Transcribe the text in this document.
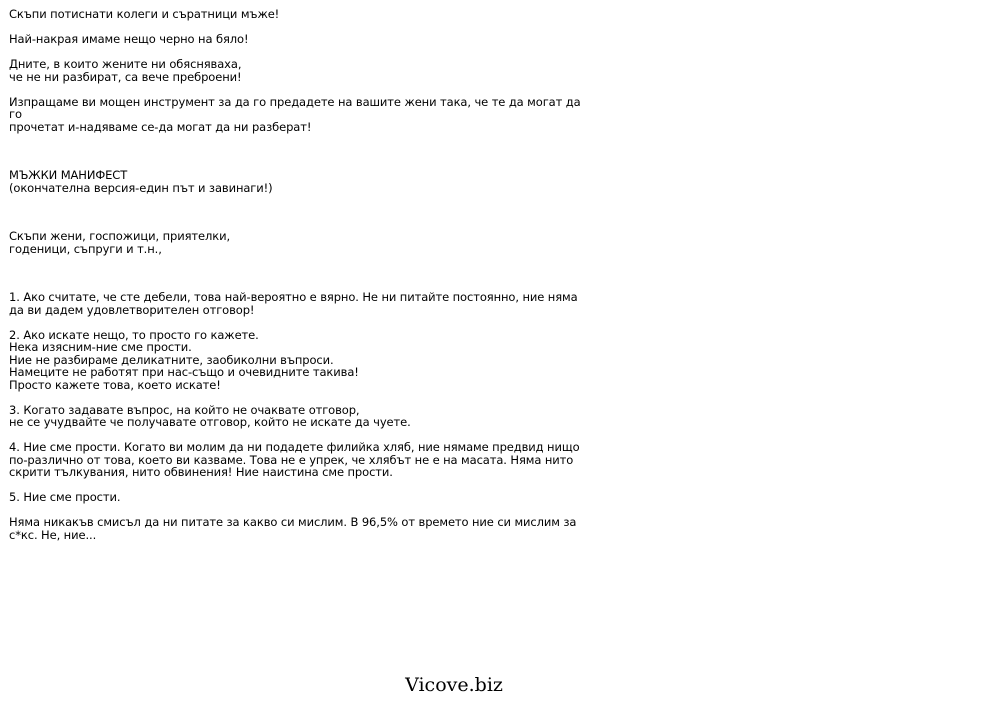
Скъпи потиснати колеги и сърaтници мъже!

Най-накрая имаме нещо черно на бяло!

Дните, в които жените ни обясняваха,
че не ни разбират, са вече преброени!

Изпращаме ви мощен инструмент за да го предадете на вашите жени така, че те да могат да го
прочетат и-надяваме се-да могат да ни разберат!

МЪЖКИ МАНИФЕСТ
(окончателна версия-един път и завинаги!)

Скъпи жени, госпожици, приятелки,
годеници, съпруги и т.н.,

1. Ако считате, че сте дебели, това най-вероятно е вярно. Не ни питайте постоянно, ние няма
да ви дадем удовлетворителен отговор!

2. Ако искате нещо, то просто го кажете.
Нека изясним-ние сме прости.
Ние не разбираме деликатните, заобиколни въпроси.
Намеците не работят при нас-също и очевидните такива!
Просто кажете това, което искате!

3. Когато задавате въпрос, на който не очаквате отговор,
не се учудвайте че получавате отговор, който не искате да чуете.

4. Ние сме прости. Когато ви молим да ни подадете филийка хляб, ние нямаме предвид нищо
по-различно от това, което ви казваме. Това не е упрек, че хлябът не е на масата. Няма нито
скрити тълкувания, нито обвинения! Ние наистина сме прости.

5. Ние сме прости.

Няма никакъв смисъл да ни питате за какво си мислим. В 96,5% от времето ние си мислим за
с*кс. Не, ние...

Vicove.biz
